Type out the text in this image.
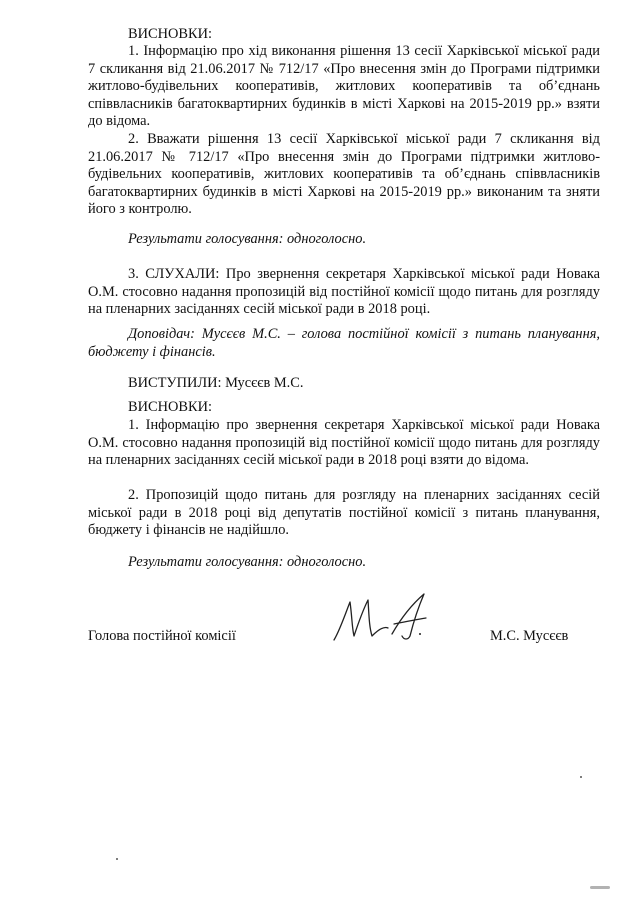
ВИСНОВКИ:

1. Інформацію про хід виконання рішення 13 сесії Харківської міської ради 7 скликання від 21.06.2017 № 712/17 «Про внесення змін до Програми підтримки житлово-будівельних кооперативів, житлових кооперативів та об’єднань співвласників багатоквартирних будинків в місті Харкові на 2015-2019 рр.» взяти до відома.

2. Вважати рішення 13 сесії Харківської міської ради 7 скликання від 21.06.2017 № 712/17 «Про внесення змін до Програми підтримки житлово-будівельних кооперативів, житлових кооперативів та об’єднань співвласників багатоквартирних будинків в місті Харкові на 2015-2019 рр.» виконаним та зняти його з контролю.

Результати голосування: одноголосно.

3. СЛУХАЛИ: Про звернення секретаря Харківської міської ради Новака О.М. стосовно надання пропозицій від постійної комісії щодо питань для розгляду на пленарних засіданнях сесій міської ради в 2018 році.

Доповідач: Мусєєв М.С. – голова постійної комісії з питань планування, бюджету і фінансів.

ВИСТУПИЛИ: Мусєєв М.С.

ВИСНОВКИ:

1. Інформацію про звернення секретаря Харківської міської ради Новака О.М. стосовно надання пропозицій від постійної комісії щодо питань для розгляду на пленарних засіданнях сесій міської ради в 2018 році взяти до відома.

2. Пропозицій щодо питань для розгляду на пленарних засіданнях сесій міської ради в 2018 році від депутатів постійної комісії з питань планування, бюджету і фінансів не надійшло.

Результати голосування: одноголосно.

Голова постійної комісії	М.С. Мусєєв
